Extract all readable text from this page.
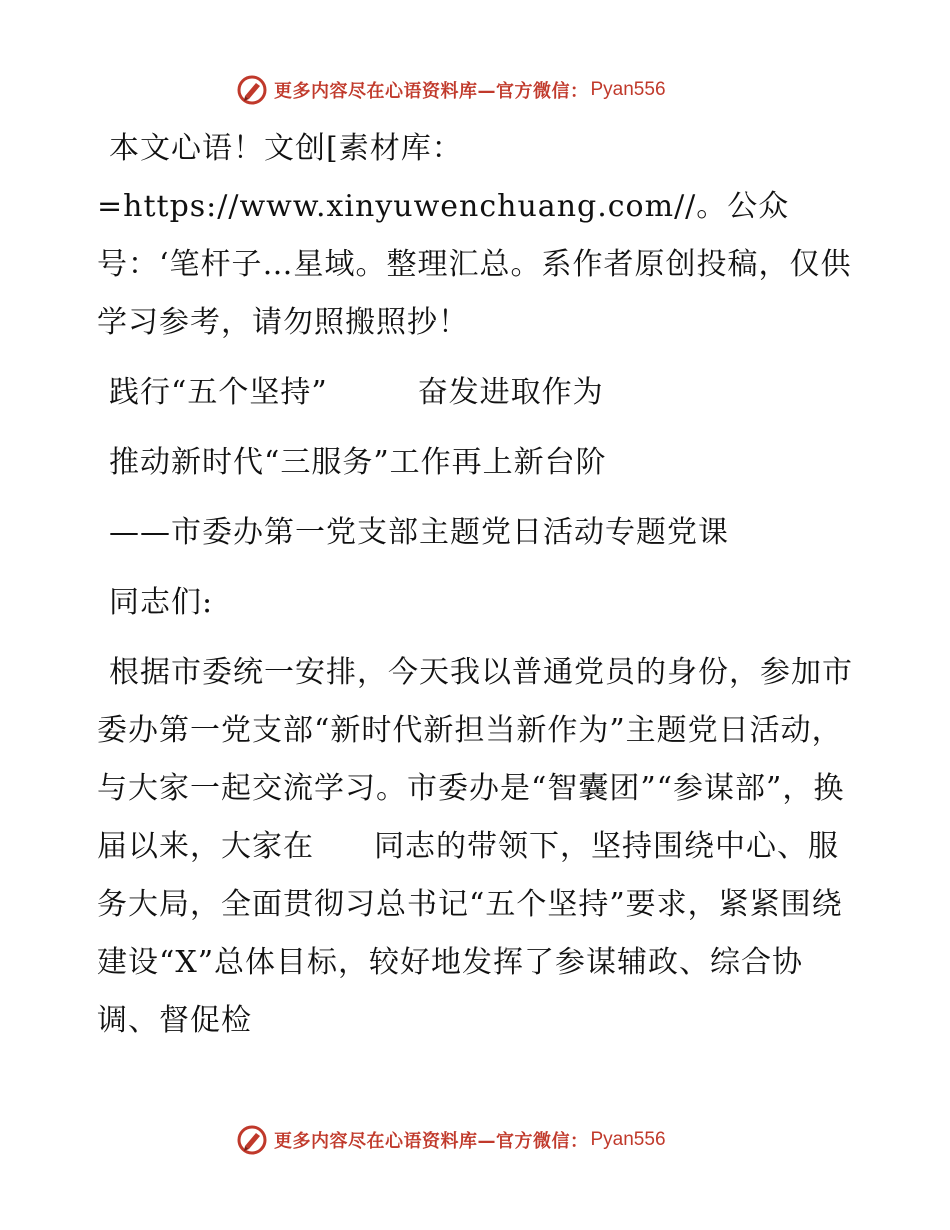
更多内容尽在心语资料库—官方微信： Pyan556

本文心语！文创[素材库：=https://www.xinyuwenchuang.com//。公众号：‘笔杆子…星域。整理汇总。系作者原创投稿，仅供学习参考，请勿照搬照抄！

践行“五个坚持”	奋发进取作为

推动新时代“三服务”工作再上新台阶

——市委办第一党支部主题党日活动专题党课

同志们:

根据市委统一安排，今天我以普通党员的身份，参加市委办第一党支部“新时代新担当新作为”主题党日活动，与大家一起交流学习。市委办是“智囊团”“参谋部”，换届以来，大家在 同志的带领下，坚持围绕中心、服务大局，全面贯彻习总书记“五个坚持”要求，紧紧围绕建设“X”总体目标，较好地发挥了参谋辅政、综合协调、督促检

更多内容尽在心语资料库—官方微信： Pyan556
